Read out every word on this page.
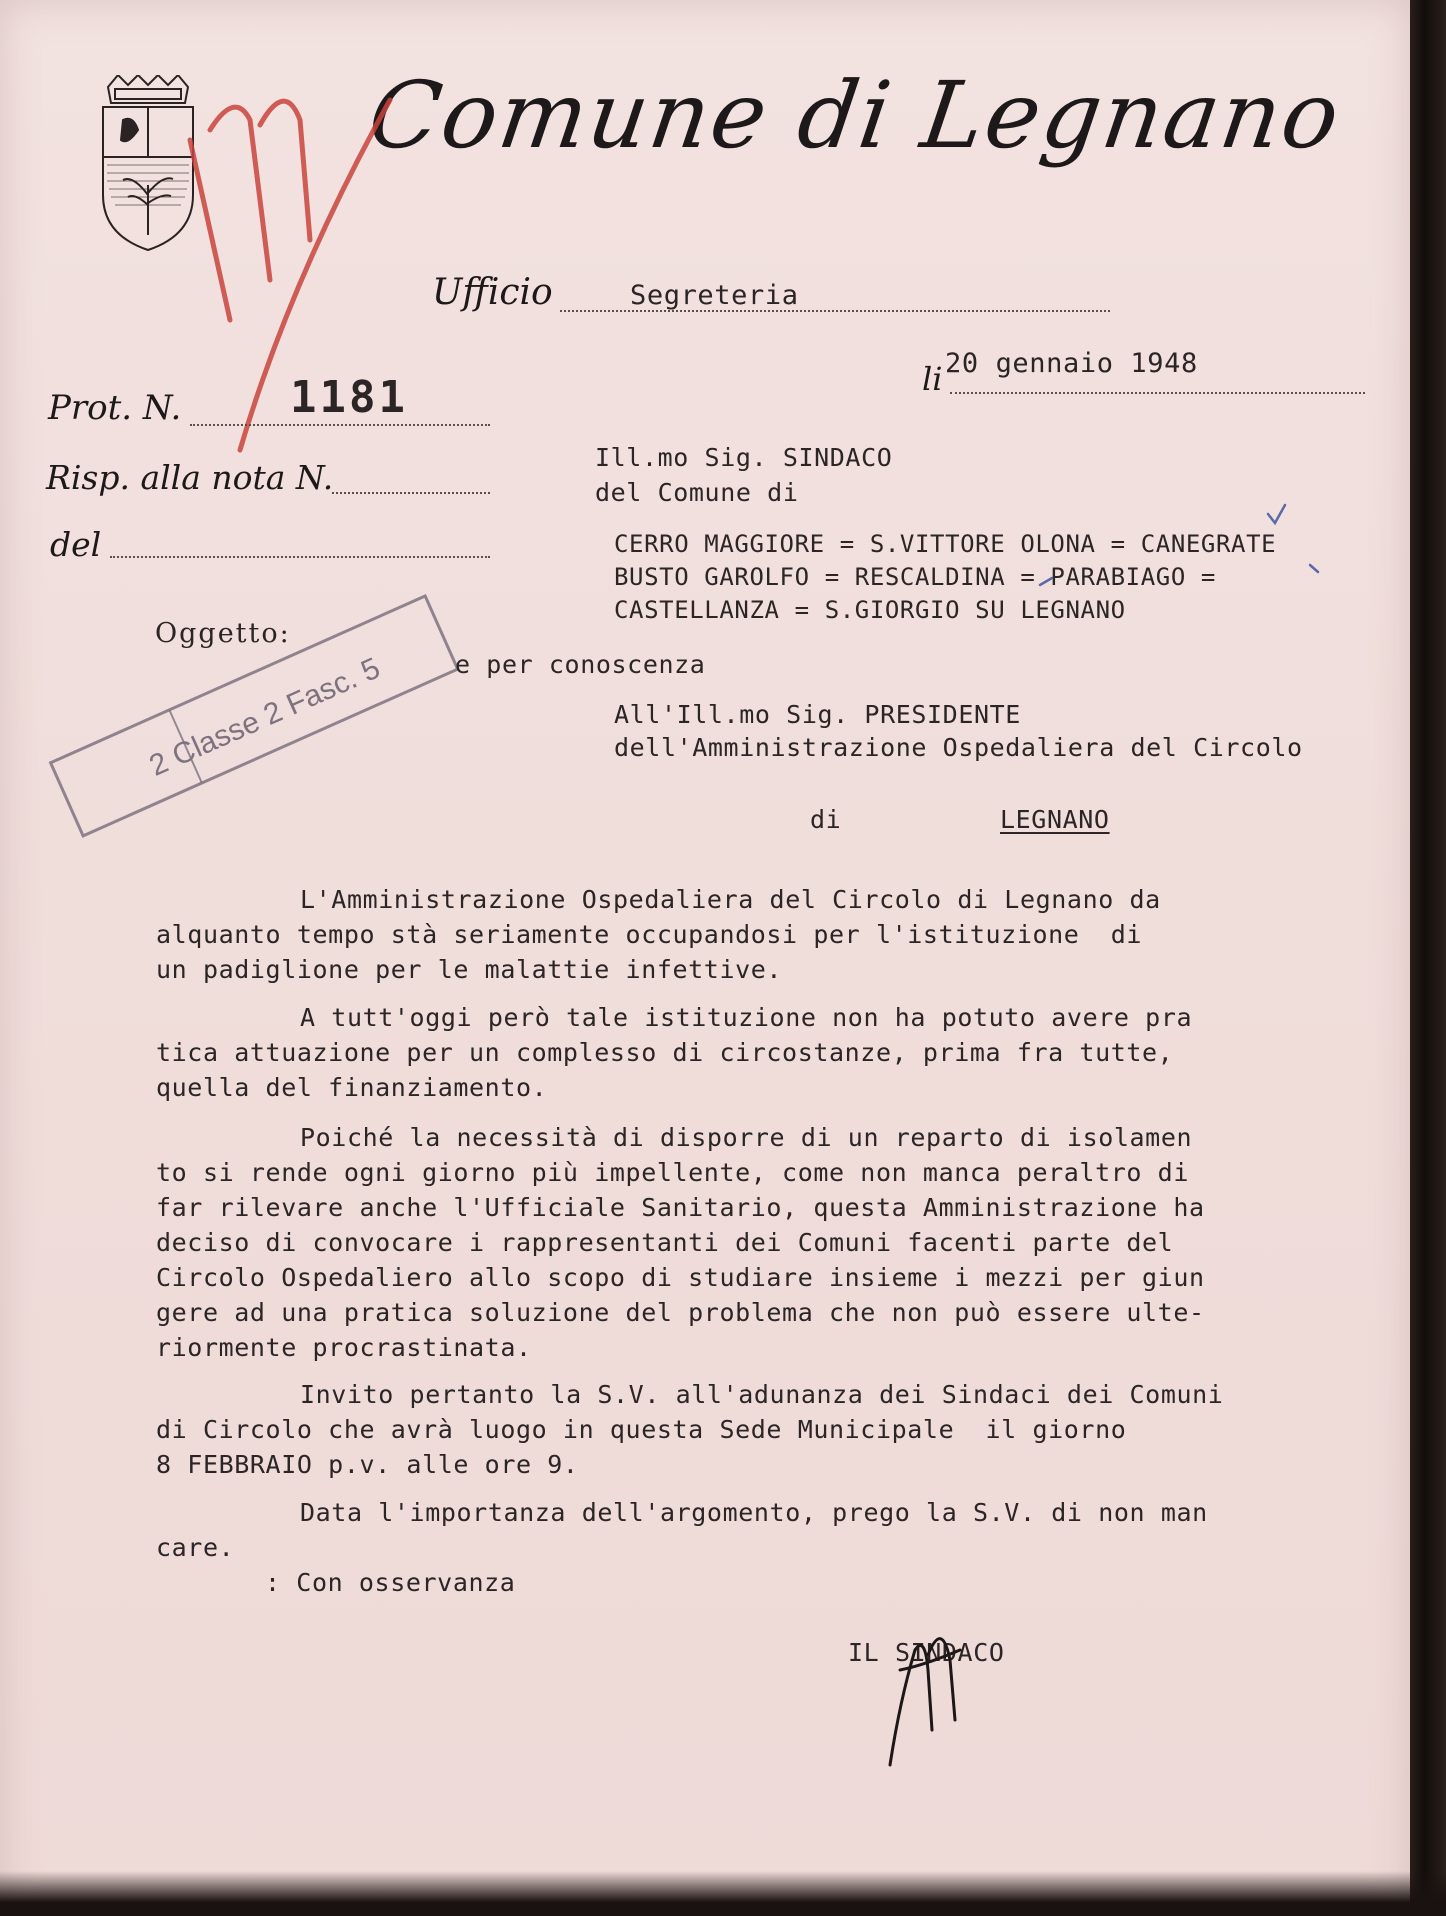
Comune di Legnano
Ufficio	Segreteria
li 20 gennaio 1948
Prot. N. 1181
Risp. alla nota N.
del
Oggetto:
2 Classe 2 Fasc. 5
Ill.mo Sig. SINDACO
del Comune di
CERRO MAGGIORE = S.VITTORE OLONA = CANEGRATE
BUSTO GAROLFO = RESCALDINA = PARABIAGO =
CASTELLANZA = S.GIORGIO SU LEGNANO
e per conoscenza
All'Ill.mo Sig. PRESIDENTE
dell'Amministrazione Ospedaliera del Circolo
di	LEGNANO
L'Amministrazione Ospedaliera del Circolo di Legnano da
alquanto tempo stà seriamente occupandosi per l'istituzione  di
un padiglione per le malattie infettive.
A tutt'oggi però tale istituzione non ha potuto avere pra
tica attuazione per un complesso di circostanze, prima fra tutte,
quella del finanziamento.
Poiché la necessità di disporre di un reparto di isolamen
to si rende ogni giorno più impellente, come non manca peraltro di
far rilevare anche l'Ufficiale Sanitario, questa Amministrazione ha
deciso di convocare i rappresentanti dei Comuni facenti parte del
Circolo Ospedaliero allo scopo di studiare insieme i mezzi per giun
gere ad una pratica soluzione del problema che non può essere ulte-
riormente procrastinata.
Invito pertanto la S.V. all'adunanza dei Sindaci dei Comuni
di Circolo che avrà luogo in questa Sede Municipale  il giorno
8 FEBBRAIO p.v. alle ore 9.
Data l'importanza dell'argomento, prego la S.V. di non man
care.
: Con osservanza
IL SINDACO
